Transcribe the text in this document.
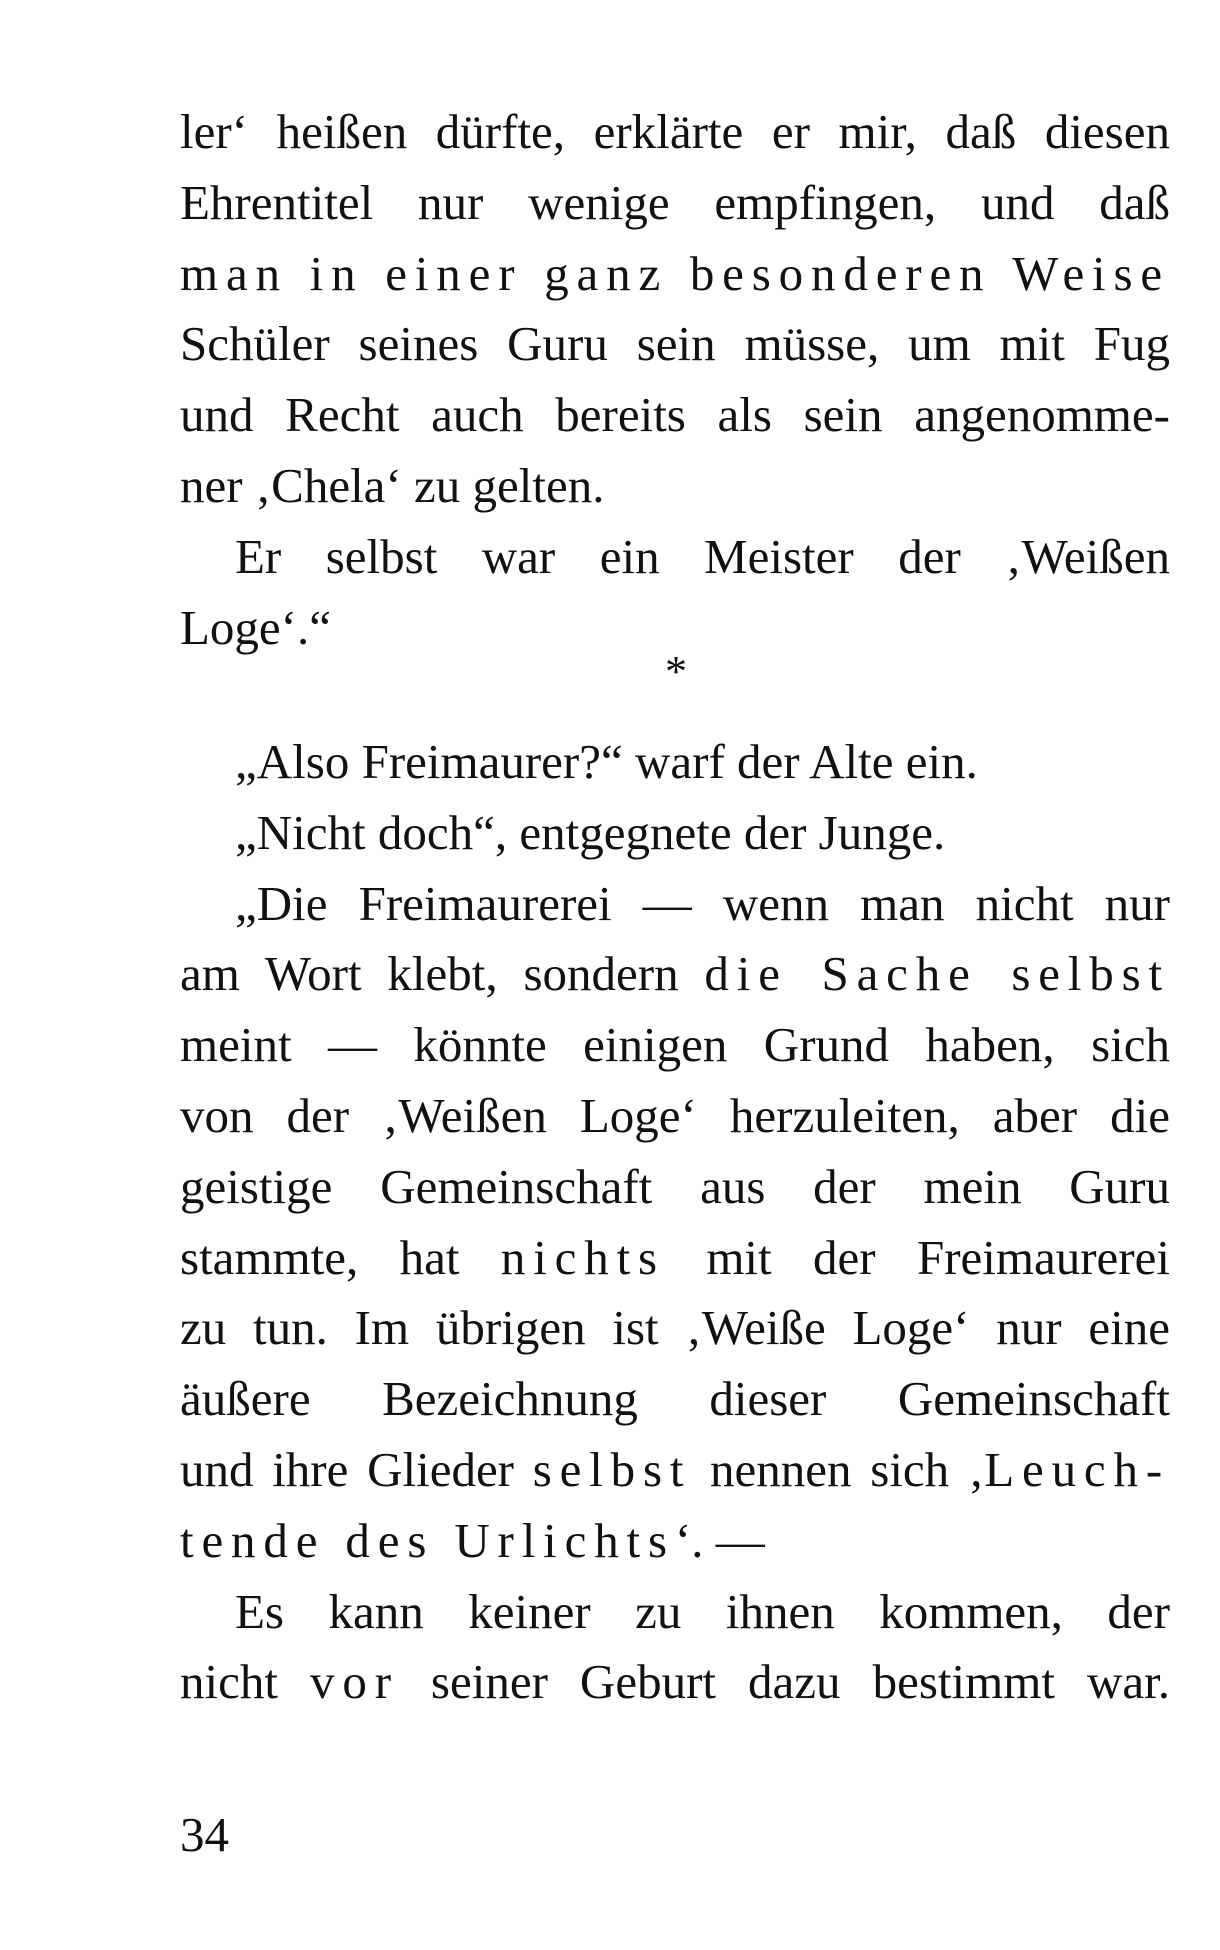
ler‘ heißen dürfte, erklärte er mir, daß diesen
Ehrentitel nur wenige empfingen, und daß
man in einer ganz besonderen Weise
Schüler seines Guru sein müsse, um mit Fug
und Recht auch bereits als sein angenomme-
ner ‚Chela‘ zu gelten.
Er selbst war ein Meister der ‚Weißen
Loge‘.“
*
„Also Freimaurer?“ warf der Alte ein.
„Nicht doch“, entgegnete der Junge.
„Die Freimaurerei — wenn man nicht nur
am Wort klebt, sondern die Sache selbst
meint — könnte einigen Grund haben, sich
von der ‚Weißen Loge‘ herzuleiten, aber die
geistige Gemeinschaft aus der mein Guru
stammte, hat nichts mit der Freimaurerei
zu tun. Im übrigen ist ‚Weiße Loge‘ nur eine
äußere Bezeichnung dieser Gemeinschaft
und ihre Glieder selbst nennen sich ‚Leuch-
tende des Urlichts‘. —
Es kann keiner zu ihnen kommen, der
nicht vor seiner Geburt dazu bestimmt war.
34
